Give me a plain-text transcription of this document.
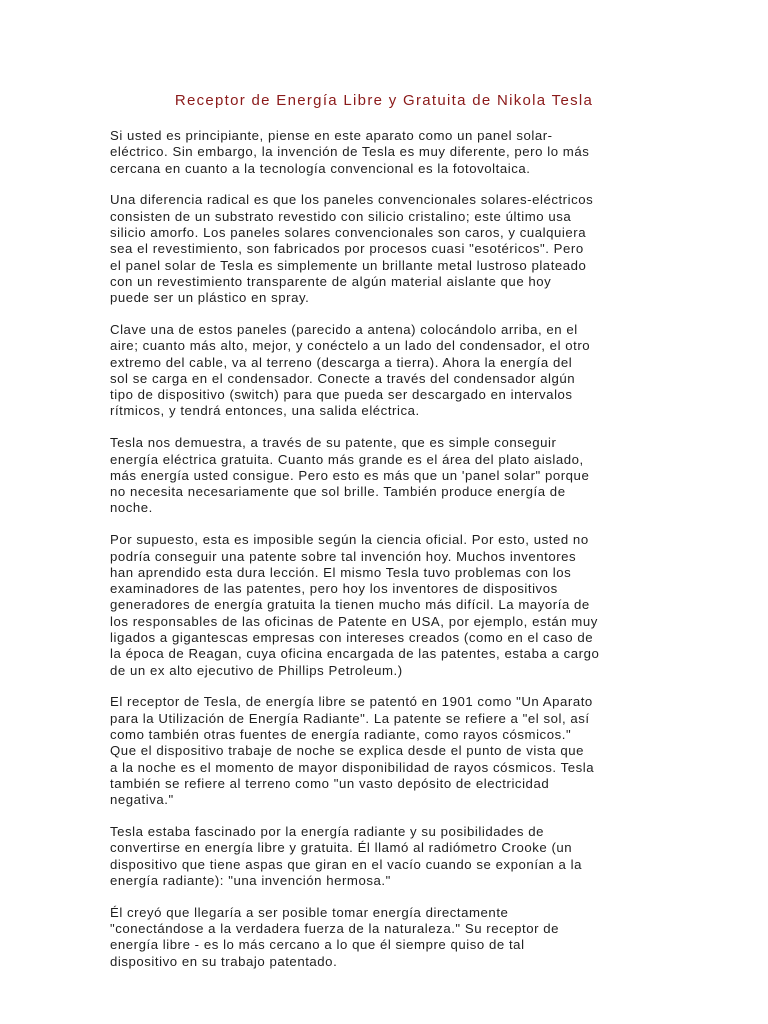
Receptor de Energía Libre y Gratuita de Nikola Tesla

Si usted es principiante, piense en este aparato como un panel solar-
eléctrico. Sin embargo, la invención de Tesla es muy diferente, pero lo más
cercana en cuanto a la tecnología convencional es la fotovoltaica.

Una diferencia radical es que los paneles convencionales solares-eléctricos
consisten de un substrato revestido con silicio cristalino; este último usa
silicio amorfo. Los paneles solares convencionales son caros, y cualquiera
sea el revestimiento, son fabricados por procesos cuasi "esotéricos". Pero
el panel solar de Tesla es simplemente un brillante metal lustroso plateado
con un revestimiento transparente de algún material aislante que hoy
puede ser un plástico en spray.

Clave una de estos paneles (parecido a antena) colocándolo arriba, en el
aire; cuanto más alto, mejor, y conéctelo a un lado del condensador, el otro
extremo del cable, va al terreno (descarga a tierra). Ahora la energía del
sol se carga en el condensador. Conecte a través del condensador algún
tipo de dispositivo (switch) para que pueda ser descargado en intervalos
rítmicos, y tendrá entonces, una salida eléctrica.

Tesla nos demuestra, a través de su patente, que es simple conseguir
energía eléctrica gratuita. Cuanto más grande es el área del plato aislado,
más energía usted consigue. Pero esto es más que un 'panel solar" porque
no necesita necesariamente que sol brille. También produce energía de
noche.

Por supuesto, esta es imposible según la ciencia oficial. Por esto, usted no
podría conseguir una patente sobre tal invención hoy. Muchos inventores
han aprendido esta dura lección. El mismo Tesla tuvo problemas con los
examinadores de las patentes, pero hoy los inventores de dispositivos
generadores de energía gratuita la tienen mucho más difícil. La mayoría de
los responsables de las oficinas de Patente en USA, por ejemplo, están muy
ligados a gigantescas empresas con intereses creados (como en el caso de
la época de Reagan, cuya oficina encargada de las patentes, estaba a cargo
de un ex alto ejecutivo de Phillips Petroleum.)

El receptor de Tesla, de energía libre se patentó en 1901 como "Un Aparato
para la Utilización de Energía Radiante". La patente se refiere a "el sol, así
como también otras fuentes de energía radiante, como rayos cósmicos."
Que el dispositivo trabaje de noche se explica desde el punto de vista que
a la noche es el momento de mayor disponibilidad de rayos cósmicos. Tesla
también se refiere al terreno como "un vasto depósito de electricidad
negativa."

Tesla estaba fascinado por la energía radiante y su posibilidades de
convertirse en energía libre y gratuita. Él llamó al radiómetro Crooke (un
dispositivo que tiene aspas que giran en el vacío cuando se exponían a la
energía radiante): "una invención hermosa."

Él creyó que llegaría a ser posible tomar energía directamente
"conectándose a la verdadera fuerza de la naturaleza." Su receptor de
energía libre - es lo más cercano a lo que él siempre quiso de tal
dispositivo en su trabajo patentado.
